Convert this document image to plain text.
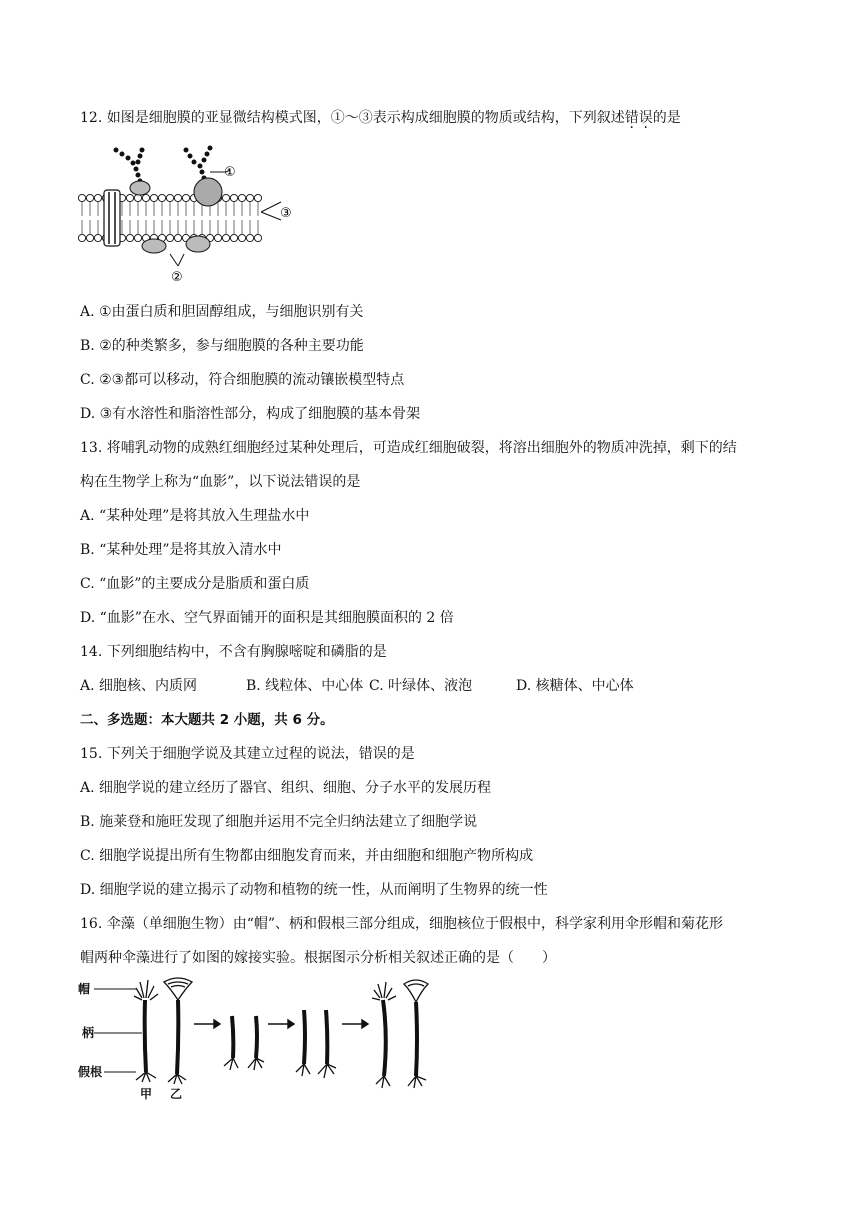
12. 如图是细胞膜的亚显微结构模式图，①～③表示构成细胞膜的物质或结构，下列叙述错误的是
①
③
②
A. ①由蛋白质和胆固醇组成，与细胞识别有关
B. ②的种类繁多，参与细胞膜的各种主要功能
C. ②③都可以移动，符合细胞膜的流动镶嵌模型特点
D. ③有水溶性和脂溶性部分，构成了细胞膜的基本骨架
13. 将哺乳动物的成熟红细胞经过某种处理后，可造成红细胞破裂，将溶出细胞外的物质冲洗掉，剩下的结
构在生物学上称为“血影”，以下说法错误的是
A. “某种处理”是将其放入生理盐水中
B. “某种处理”是将其放入清水中
C. “血影”的主要成分是脂质和蛋白质
D. “血影”在水、空气界面铺开的面积是其细胞膜面积的 2 倍
14. 下列细胞结构中，不含有胸腺嘧啶和磷脂的是
A. 细胞核、内质网	B. 线粒体、中心体 C. 叶绿体、液泡	D. 核糖体、中心体
二、多选题：本大题共 2 小题，共 6 分。
15. 下列关于细胞学说及其建立过程的说法，错误的是
A. 细胞学说的建立经历了器官、组织、细胞、分子水平的发展历程
B. 施莱登和施旺发现了细胞并运用不完全归纳法建立了细胞学说
C. 细胞学说提出所有生物都由细胞发育而来，并由细胞和细胞产物所构成
D. 细胞学说的建立揭示了动物和植物的统一性，从而阐明了生物界的统一性
16. 伞藻（单细胞生物）由“帽”、柄和假根三部分组成，细胞核位于假根中，科学家利用伞形帽和菊花形
帽两种伞藻进行了如图的嫁接实验。根据图示分析相关叙述正确的是（　　）
帽
柄
假根
甲 乙
